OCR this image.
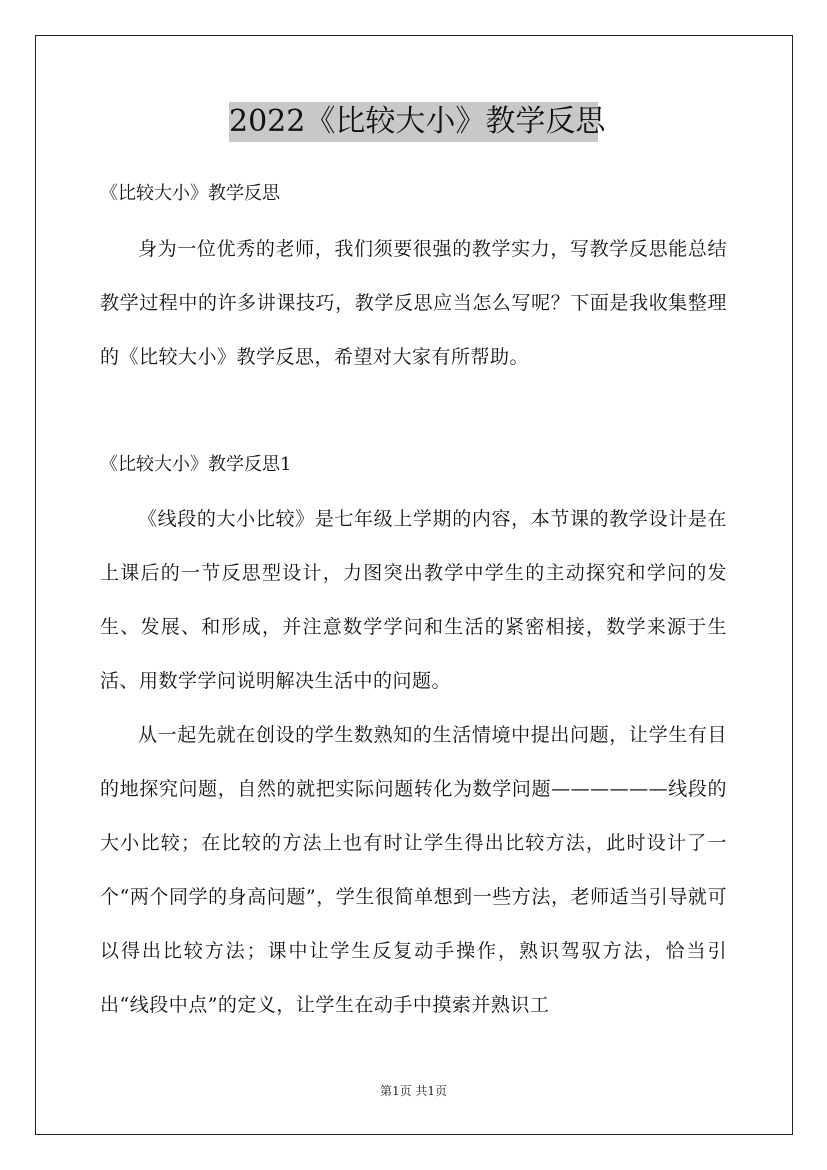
2022《比较大小》教学反思

《比较大小》教学反思

身为一位优秀的老师，我们须要很强的教学实力，写教学反思能总结教学过程中的许多讲课技巧，教学反思应当怎么写呢？下面是我收集整理的《比较大小》教学反思，希望对大家有所帮助。

《比较大小》教学反思1

《线段的大小比较》是七年级上学期的内容，本节课的教学设计是在上课后的一节反思型设计，力图突出教学中学生的主动探究和学问的发生、发展、和形成，并注意数学学问和生活的紧密相接，数学来源于生活、用数学学问说明解决生活中的问题。

从一起先就在创设的学生数熟知的生活情境中提出问题，让学生有目的地探究问题，自然的就把实际问题转化为数学问题——————线段的大小比较；在比较的方法上也有时让学生得出比较方法，此时设计了一个“两个同学的身高问题”，学生很简单想到一些方法，老师适当引导就可以得出比较方法；课中让学生反复动手操作，熟识驾驭方法，恰当引出“线段中点”的定义，让学生在动手中摸索并熟识工

第1页 共1页
